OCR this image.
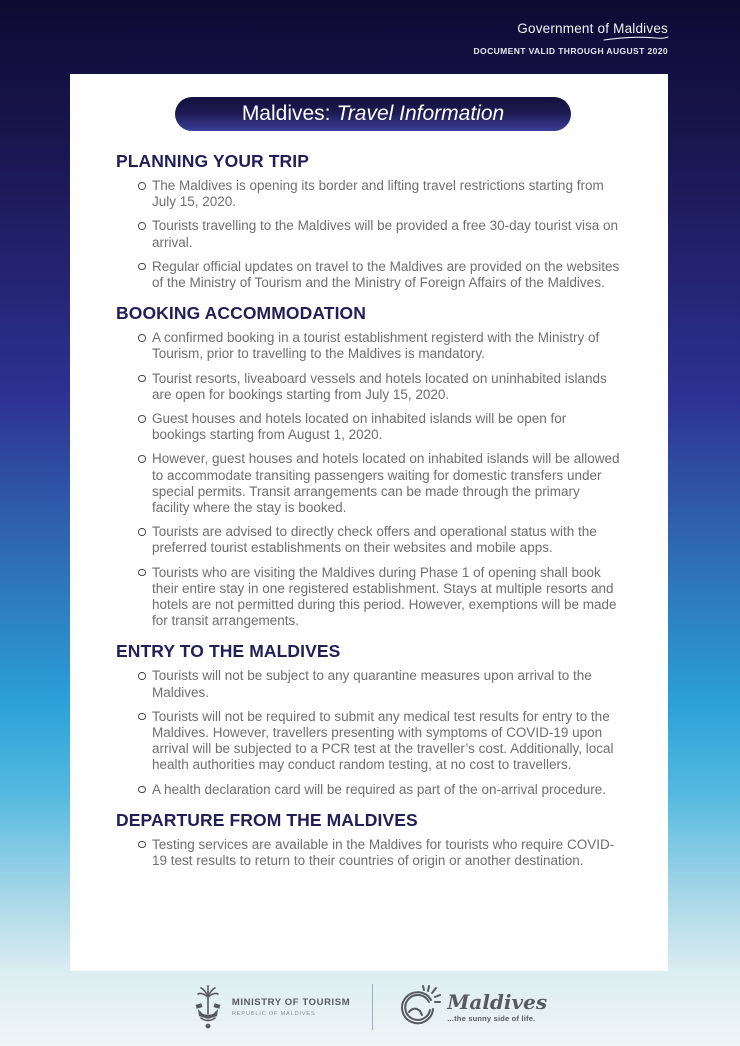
Government of Maldives
DOCUMENT VALID THROUGH AUGUST 2020
Maldives: Travel Information
PLANNING YOUR TRIP
The Maldives is opening its border and lifting travel restrictions starting from July 15, 2020.
Tourists travelling to the Maldives will be provided a free 30-day tourist visa on arrival.
Regular official updates on travel to the Maldives are provided on the websites of the Ministry of Tourism and the Ministry of Foreign Affairs of the Maldives.
BOOKING ACCOMMODATION
A confirmed booking in a tourist establishment registerd with the Ministry of Tourism, prior to travelling to the Maldives is mandatory.
Tourist resorts, liveaboard vessels and hotels located on uninhabited islands are open for bookings starting from July 15, 2020.
Guest houses and hotels located on inhabited islands will be open for bookings starting from August 1, 2020.
However, guest houses and hotels located on inhabited islands will be allowed to accommodate transiting passengers waiting for domestic transfers under special permits. Transit arrangements can be made through the primary facility where the stay is booked.
Tourists are advised to directly check offers and operational status with the preferred tourist establishments on their websites and mobile apps.
Tourists who are visiting the Maldives during Phase 1 of opening shall book their entire stay in one registered establishment. Stays at multiple resorts and hotels are not permitted during this period. However, exemptions will be made for transit arrangements.
ENTRY TO THE MALDIVES
Tourists will not be subject to any quarantine measures upon arrival to the Maldives.
Tourists will not be required to submit any medical test results for entry to the Maldives. However, travellers presenting with symptoms of COVID-19 upon arrival will be subjected to a PCR test at the traveller’s cost. Additionally, local health authorities may conduct random testing, at no cost to travellers.
A health declaration card will be required as part of the on-arrival procedure.
DEPARTURE FROM THE MALDIVES
Testing services are available in the Maldives for tourists who require COVID-19 test results to return to their countries of origin or another destination.
MINISTRY OF TOURISM
REPUBLIC OF MALDIVES
Maldives
...the sunny side of life.
